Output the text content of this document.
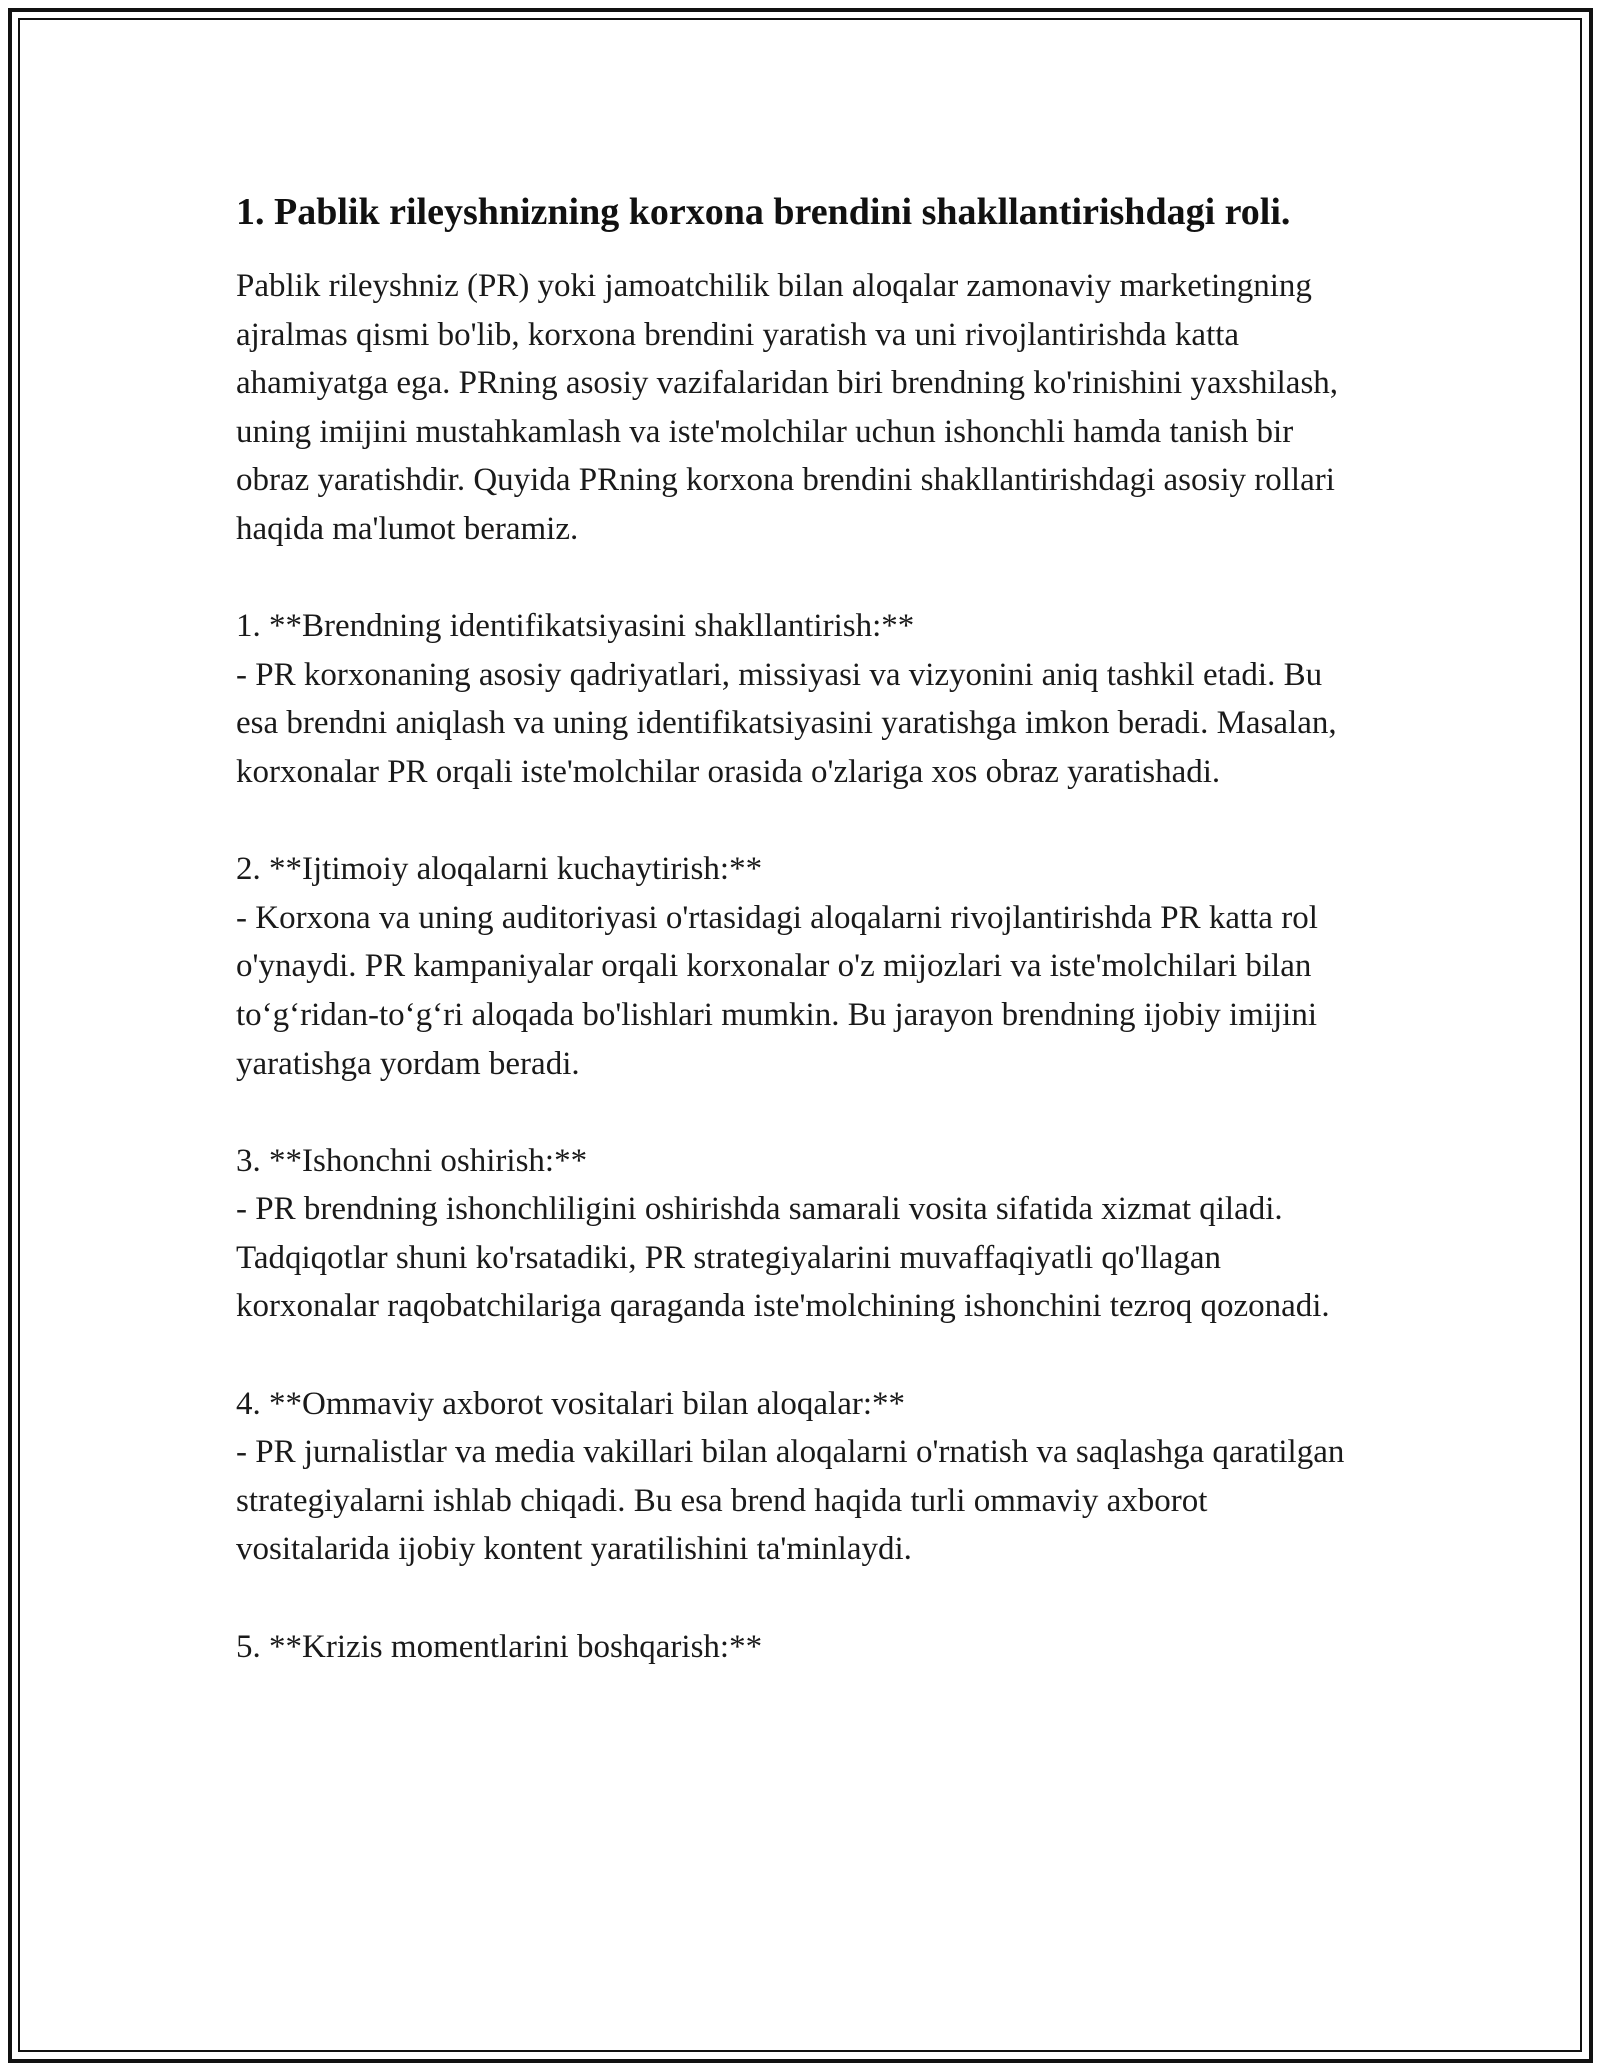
1. Pablik rileyshnizning korxona brendini shakllantirishdagi roli.

Pablik rileyshniz (PR) yoki jamoatchilik bilan aloqalar zamonaviy marketingning ajralmas qismi bo'lib, korxona brendini yaratish va uni rivojlantirishda katta ahamiyatga ega. PRning asosiy vazifalaridan biri brendning ko'rinishini yaxshilash, uning imijini mustahkamlash va iste'molchilar uchun ishonchli hamda tanish bir obraz yaratishdir. Quyida PRning korxona brendini shakllantirishdagi asosiy rollari haqida ma'lumot beramiz.

1. **Brendning identifikatsiyasini shakllantirish:**

- PR korxonaning asosiy qadriyatlari, missiyasi va vizyonini aniq tashkil etadi. Bu esa brendni aniqlash va uning identifikatsiyasini yaratishga imkon beradi. Masalan, korxonalar PR orqali iste'molchilar orasida o'zlariga xos obraz yaratishadi.

2. **Ijtimoiy aloqalarni kuchaytirish:**

- Korxona va uning auditoriyasi o'rtasidagi aloqalarni rivojlantirishda PR katta rol o'ynaydi. PR kampaniyalar orqali korxonalar o'z mijozlari va iste'molchilari bilan to‘g‘ridan-to‘g‘ri aloqada bo'lishlari mumkin. Bu jarayon brendning ijobiy imijini yaratishga yordam beradi.

3. **Ishonchni oshirish:**

- PR brendning ishonchliligini oshirishda samarali vosita sifatida xizmat qiladi. Tadqiqotlar shuni ko'rsatadiki, PR strategiyalarini muvaffaqiyatli qo'llagan korxonalar raqobatchilariga qaraganda iste'molchining ishonchini tezroq qozonadi.

4. **Ommaviy axborot vositalari bilan aloqalar:**

- PR jurnalistlar va media vakillari bilan aloqalarni o'rnatish va saqlashga qaratilgan strategiyalarni ishlab chiqadi. Bu esa brend haqida turli ommaviy axborot vositalarida ijobiy kontent yaratilishini ta'minlaydi.

5. **Krizis momentlarini boshqarish:**
